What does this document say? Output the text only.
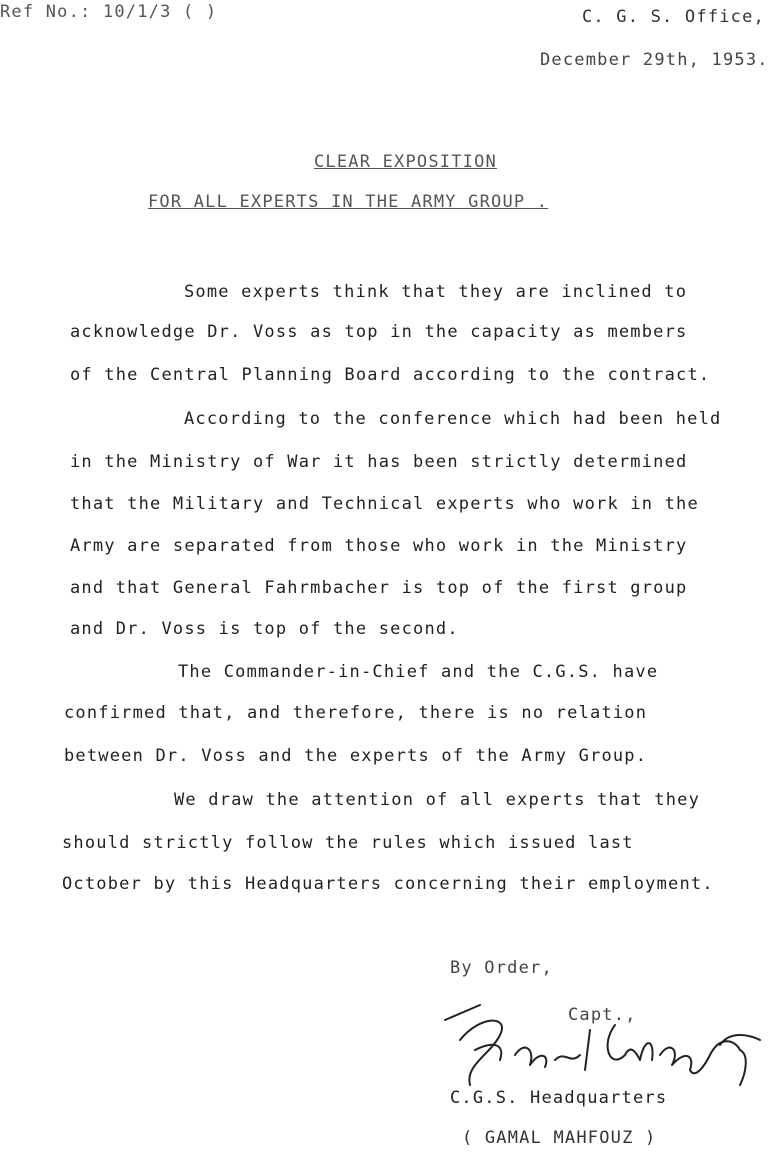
Ref No.: 10/1/3 ( )	C. G. S. Office,
December 29th, 1953.
CLEAR EXPOSITION
FOR ALL EXPERTS IN THE ARMY GROUP .
Some experts think that they are inclined to
acknowledge Dr. Voss as top in the capacity as members
of the Central Planning Board according to the contract.
According to the conference which had been held
in the Ministry of War it has been strictly determined
that the Military and Technical experts who work in the
Army are separated from those who work in the Ministry
and that General Fahrmbacher is top of the first group
and Dr. Voss is top of the second.
The Commander-in-Chief and the C.G.S. have
confirmed that, and therefore, there is no relation
between Dr. Voss and the experts of the Army Group.
We draw the attention of all experts that they
should strictly follow the rules which issued last
October by this Headquarters concerning their employment.
By Order,
Capt.,
C.G.S. Headquarters
( GAMAL MAHFOUZ )
